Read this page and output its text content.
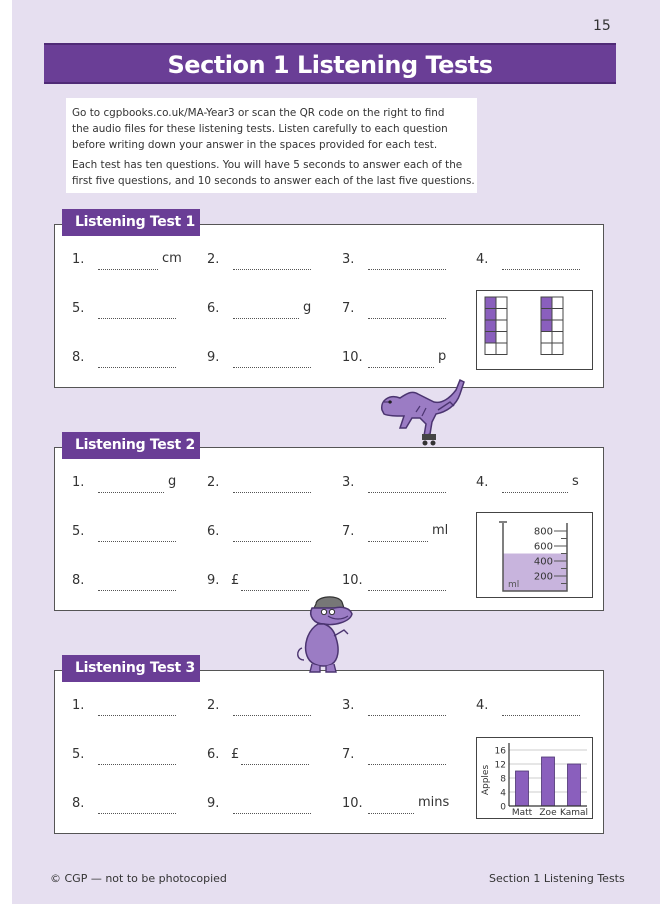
15
Section 1 Listening Tests

Go to cgpbooks.co.uk/MA-Year3 or scan the QR code on the right to find
the audio files for these listening tests. Listen carefully to each question
before writing down your answer in the spaces provided for each test.

Each test has ten questions. You will have 5 seconds to answer each of the
first five questions, and 10 seconds to answer each of the last five questions.

Listening Test 1
Listening Test 2
Listening Test 3
1.	cm 2.	3.	4.
5.	6.	g 7.
8.	9.	10.	p
1.	g 2.	3.	4.	s
5.	6.	7.	ml
8.	9. £	10.
1.	2.	3.	4.
5.	6. £	7.
8.	9.	10.	mins
800
600
400
200
ml
Apples
16
12
8
4
0
Matt Zoe Kamal
© CGP — not to be photocopied	Section 1 Listening Tests
